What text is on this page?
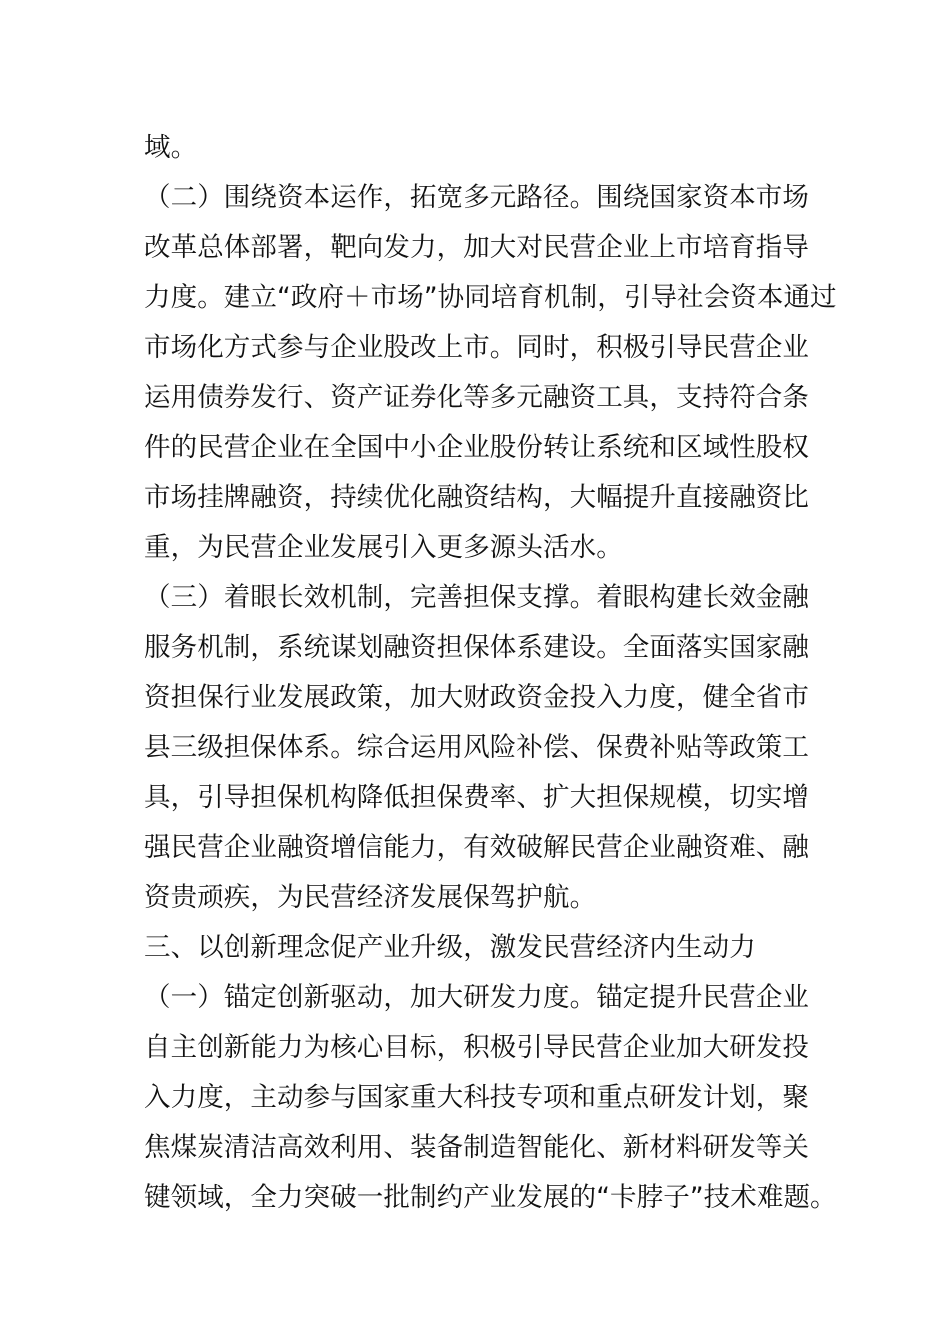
域。
（二）围绕资本运作，拓宽多元路径。围绕国家资本市场
改革总体部署，靶向发力，加大对民营企业上市培育指导
力度。建立“政府＋市场”协同培育机制，引导社会资本通过
市场化方式参与企业股改上市。同时，积极引导民营企业
运用债券发行、资产证券化等多元融资工具，支持符合条
件的民营企业在全国中小企业股份转让系统和区域性股权
市场挂牌融资，持续优化融资结构，大幅提升直接融资比
重，为民营企业发展引入更多源头活水。
（三）着眼长效机制，完善担保支撑。着眼构建长效金融
服务机制，系统谋划融资担保体系建设。全面落实国家融
资担保行业发展政策，加大财政资金投入力度，健全省市
县三级担保体系。综合运用风险补偿、保费补贴等政策工
具，引导担保机构降低担保费率、扩大担保规模，切实增
强民营企业融资增信能力，有效破解民营企业融资难、融
资贵顽疾，为民营经济发展保驾护航。
三、以创新理念促产业升级，激发民营经济内生动力
（一）锚定创新驱动，加大研发力度。锚定提升民营企业
自主创新能力为核心目标，积极引导民营企业加大研发投
入力度，主动参与国家重大科技专项和重点研发计划，聚
焦煤炭清洁高效利用、装备制造智能化、新材料研发等关
键领域，全力突破一批制约产业发展的“卡脖子”技术难题。
